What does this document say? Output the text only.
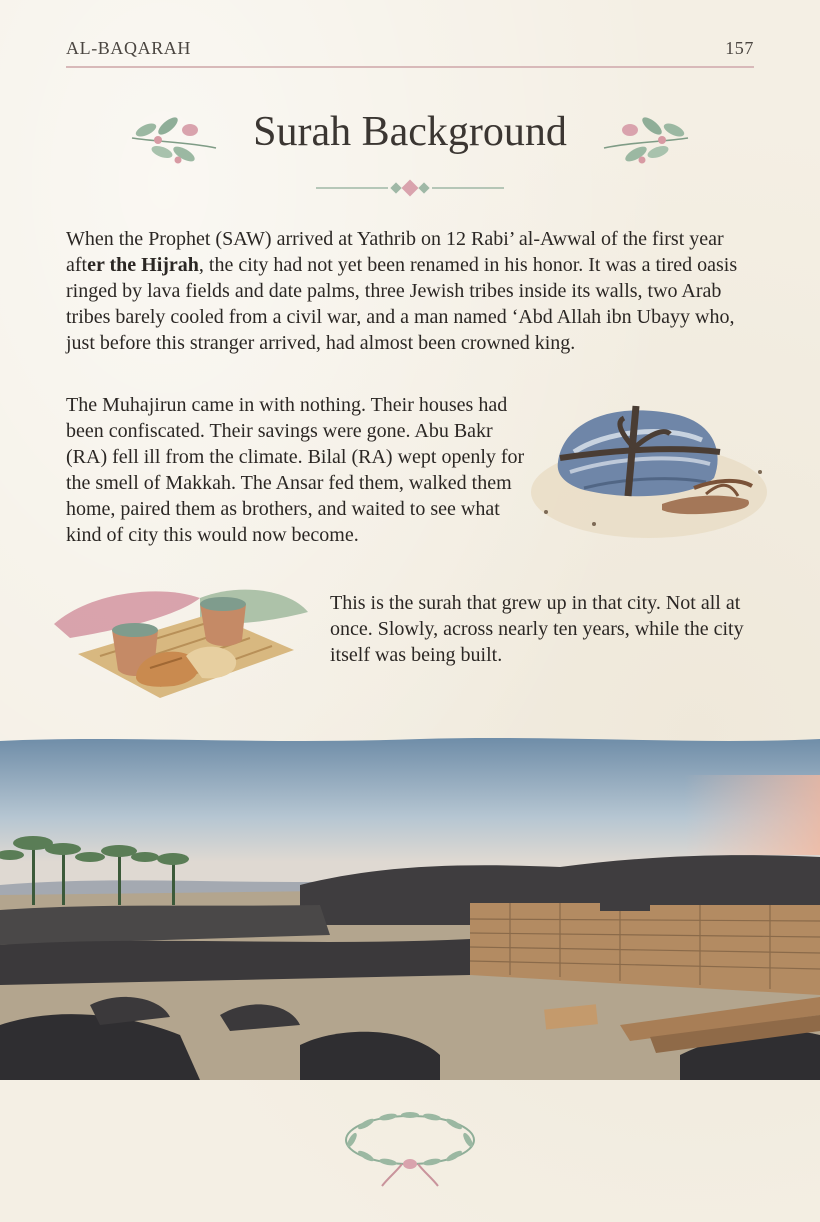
AL-BAQARAH	157
Surah Background

When the Prophet (SAW) arrived at Yathrib on 12 Rabi’ al-Awwal of the first year after the Hijrah, the city had not yet been renamed in his honor. It was a tired oasis ringed by lava fields and date palms, three Jewish tribes inside its walls, two Arab tribes barely cooled from a civil war, and a man named ‘Abd Allah ibn Ubayy who, just before this stranger arrived, had almost been crowned king.

The Muhajirun came in with nothing. Their houses had been confiscated. Their savings were gone. Abu Bakr (RA) fell ill from the climate. Bilal (RA) wept openly for the smell of Makkah. The Ansar fed them, walked them home, paired them as brothers, and waited to see what kind of city this would now become.

This is the surah that grew up in that city. Not all at once. Slowly, across nearly ten years, while the city itself was being built.
